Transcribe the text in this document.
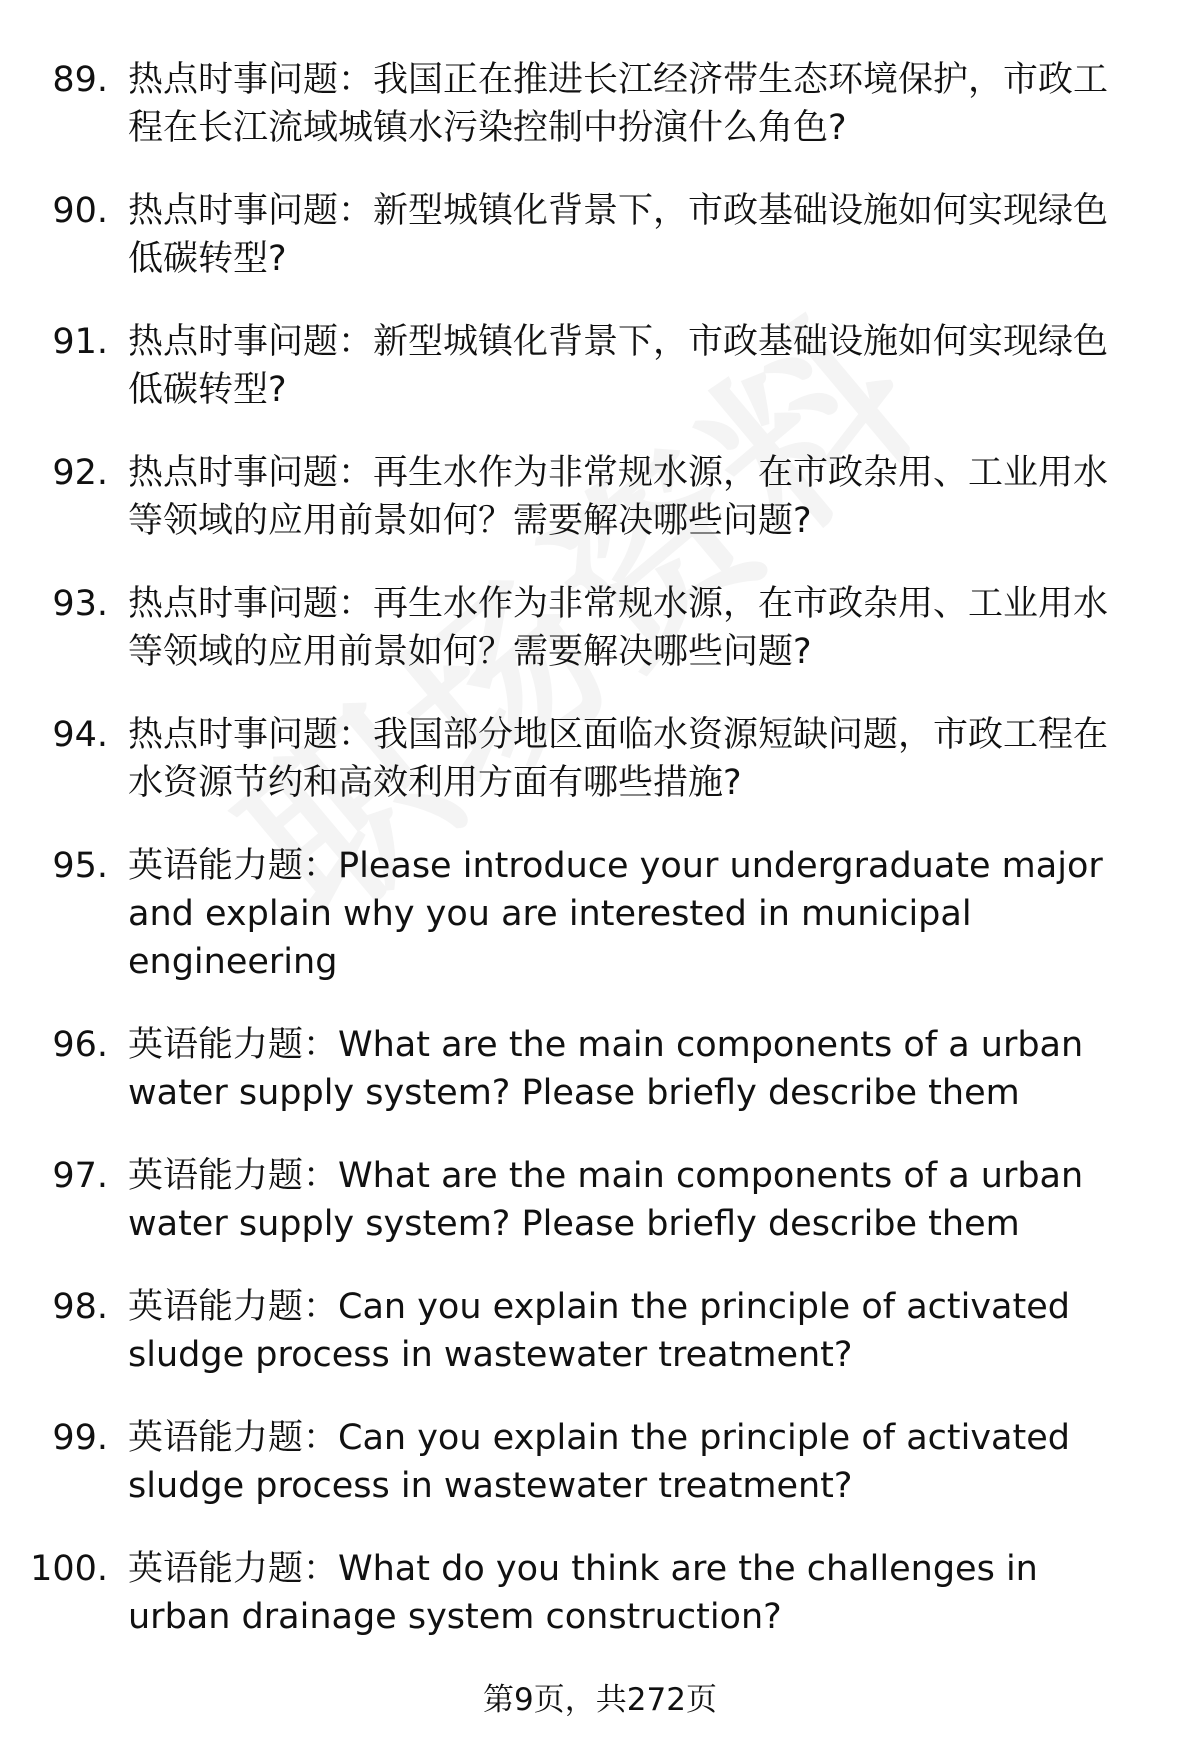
89. 热点时事问题：我国正在推进长江经济带生态环境保护，市政工程在长江流域城镇水污染控制中扮演什么角色?
90. 热点时事问题：新型城镇化背景下，市政基础设施如何实现绿色低碳转型?
91. 热点时事问题：新型城镇化背景下，市政基础设施如何实现绿色低碳转型?
92. 热点时事问题：再生水作为非常规水源，在市政杂用、工业用水等领域的应用前景如何？需要解决哪些问题?
93. 热点时事问题：再生水作为非常规水源，在市政杂用、工业用水等领域的应用前景如何？需要解决哪些问题?
94. 热点时事问题：我国部分地区面临水资源短缺问题，市政工程在水资源节约和高效利用方面有哪些措施?
95. 英语能力题：Please introduce your undergraduate major and explain why you are interested in municipal engineering
96. 英语能力题：What are the main components of a urban water supply system? Please briefly describe them
97. 英语能力题：What are the main components of a urban water supply system? Please briefly describe them
98. 英语能力题：Can you explain the principle of activated sludge process in wastewater treatment?
99. 英语能力题：Can you explain the principle of activated sludge process in wastewater treatment?
100. 英语能力题：What do you think are the challenges in urban drainage system construction?
第9页，共272页
